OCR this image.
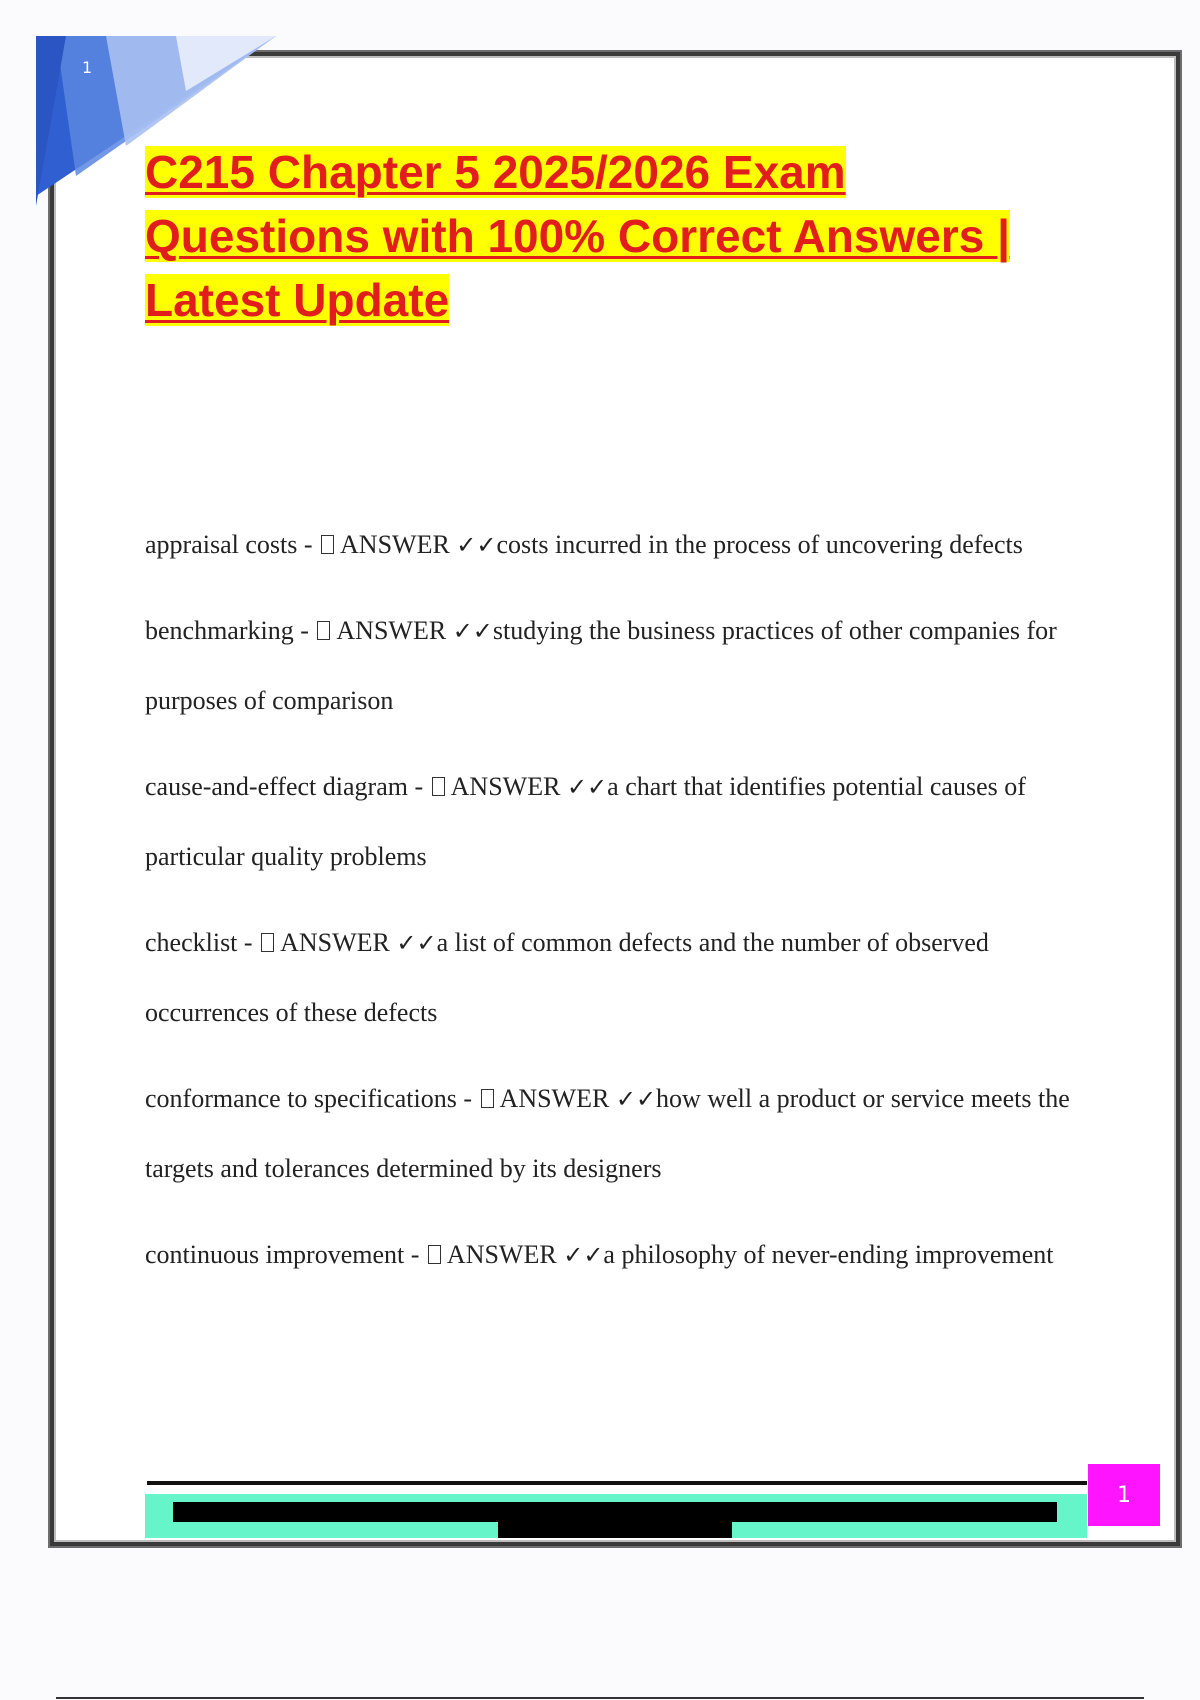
1
C215 Chapter 5 2025/2026 Exam
Questions with 100% Correct Answers |
Latest Update
appraisal costs - ANSWER ✓✓costs incurred in the process of uncovering defects
benchmarking - ANSWER ✓✓studying the business practices of other companies for purposes of comparison
cause-and-effect diagram - ANSWER ✓✓a chart that identifies potential causes of particular quality problems
checklist - ANSWER ✓✓a list of common defects and the number of observed occurrences of these defects
conformance to specifications - ANSWER ✓✓how well a product or service meets the targets and tolerances determined by its designers
continuous improvement - ANSWER ✓✓a philosophy of never-ending improvement
1
